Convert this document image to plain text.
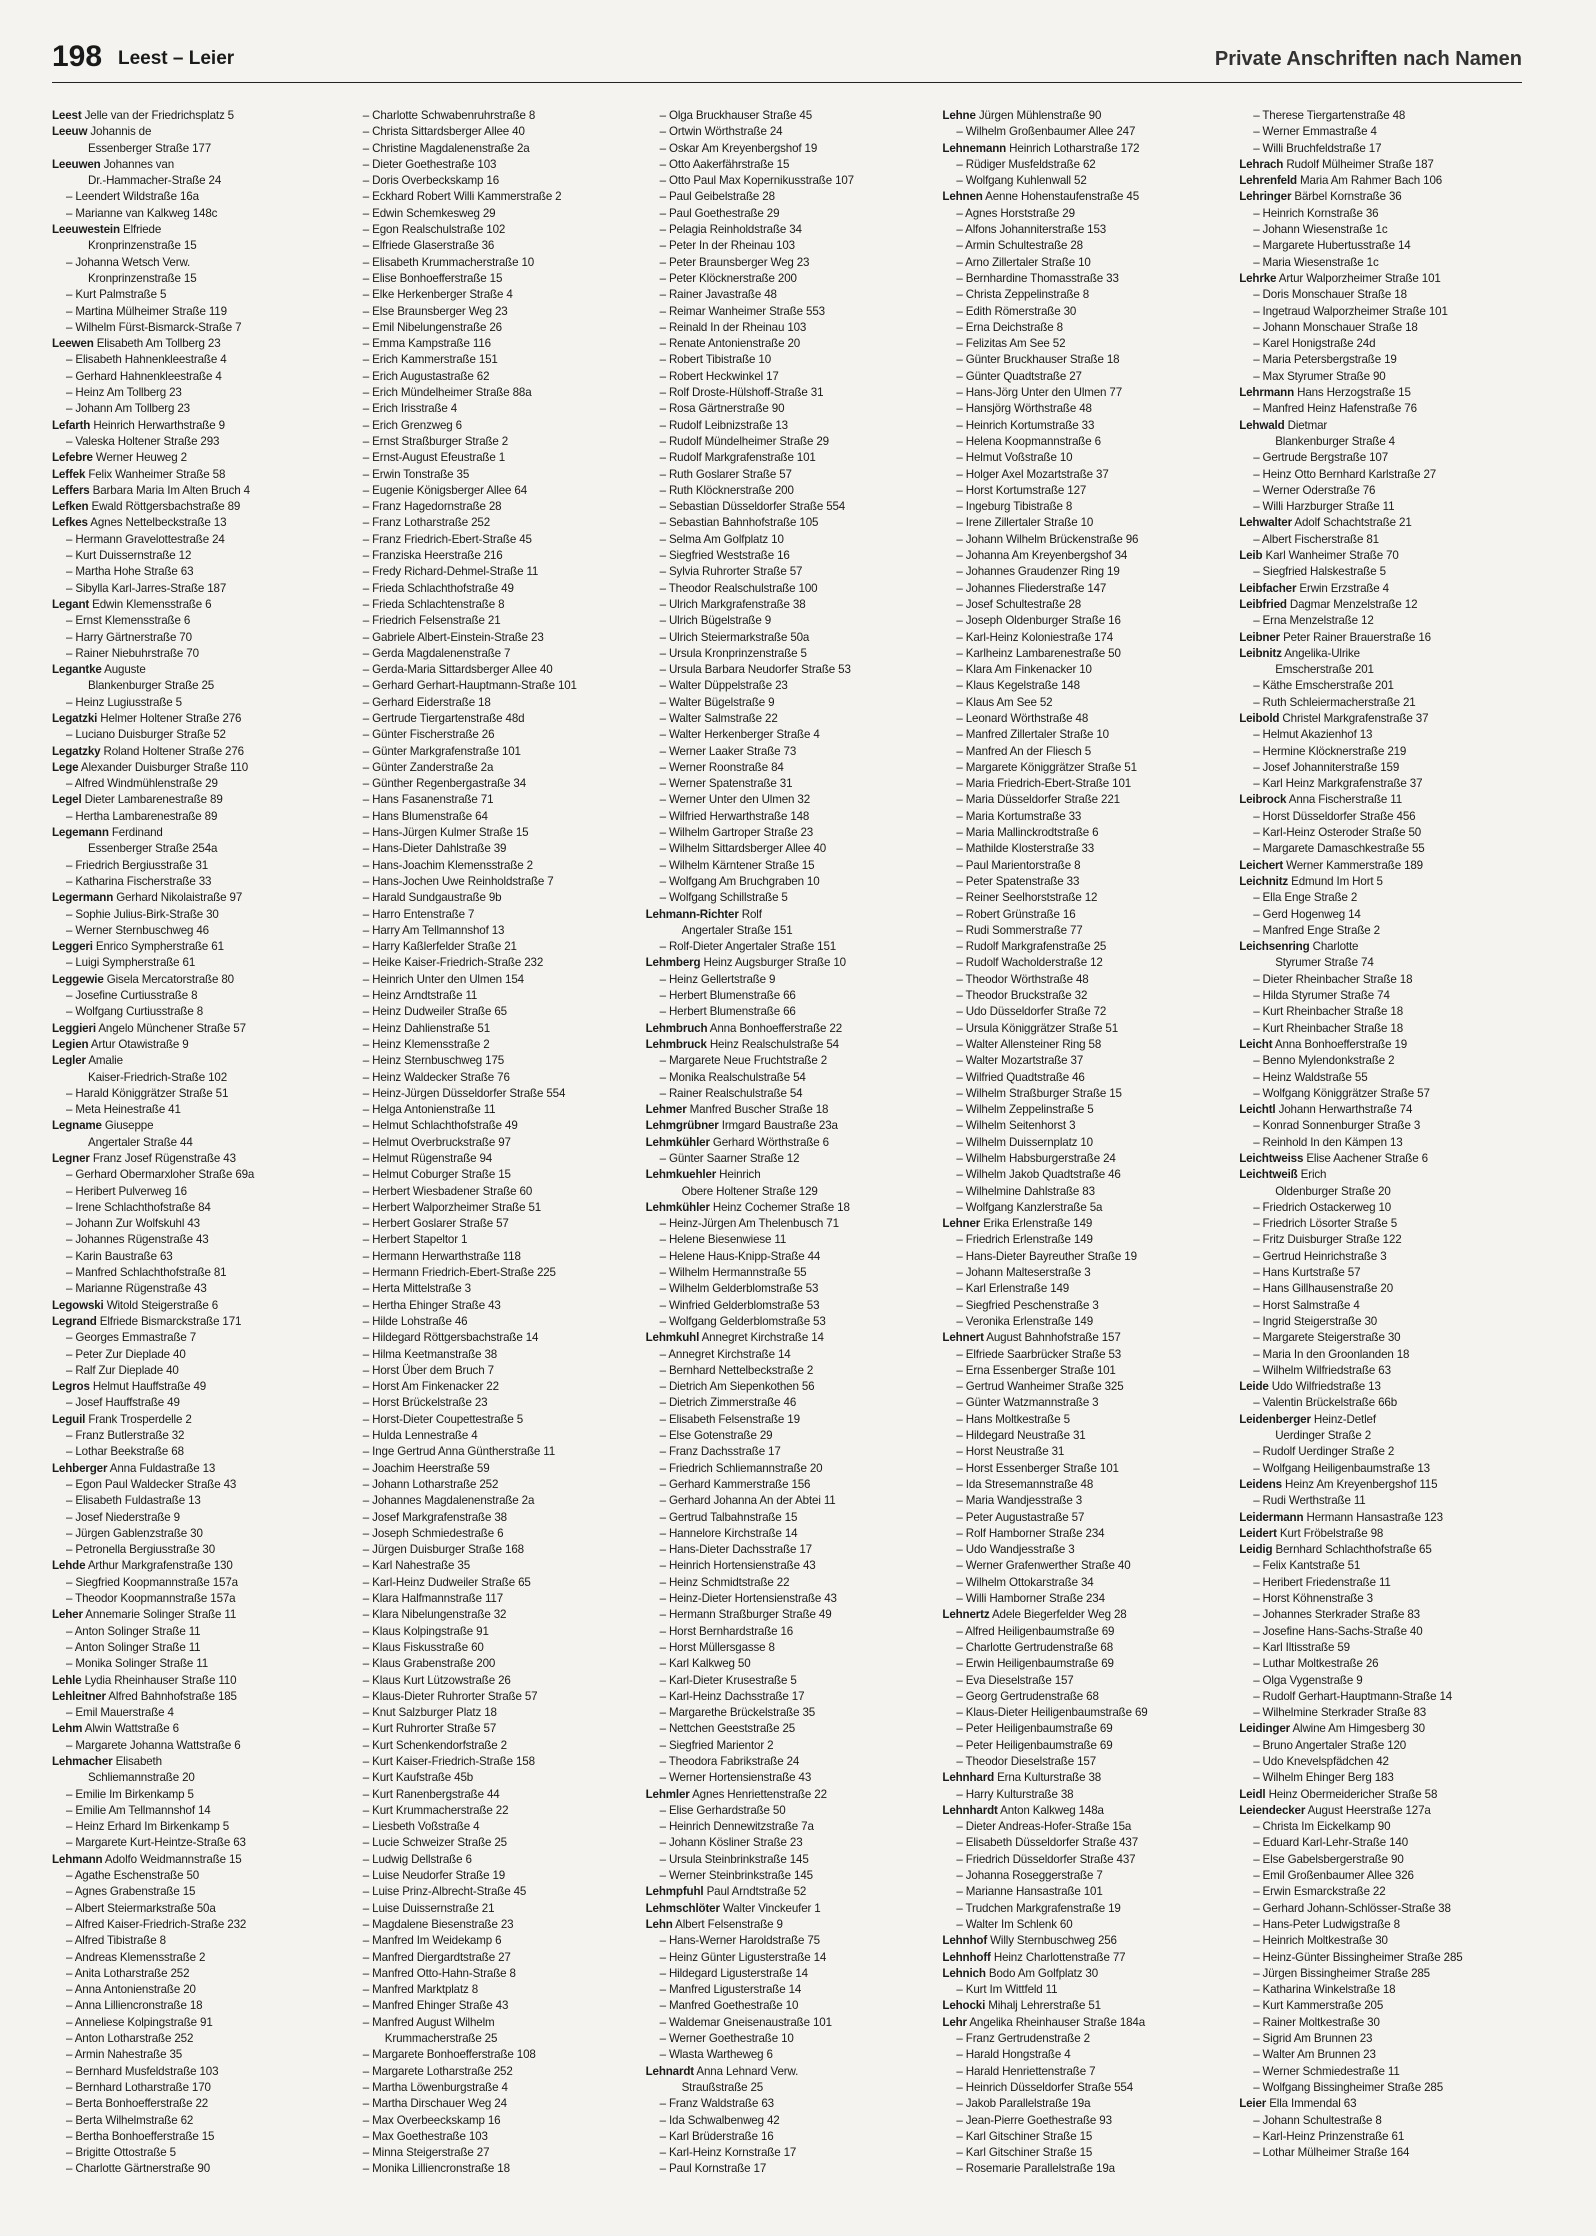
198 Leest – Leier	Private Anschriften nach Namen
Leest Jelle van der Friedrichsplatz 5
Leeuw Johannis de
Essenberger Straße 177
Leeuwen Johannes van
Dr.-Hammacher-Straße 24
– Leendert Wildstraße 16a
– Marianne van Kalkweg 148c
Leeuwestein Elfriede
Kronprinzenstraße 15
– Johanna Wetsch Verw.
Kronprinzenstraße 15
– Kurt Palmstraße 5
– Martina Mülheimer Straße 119
– Wilhelm Fürst-Bismarck-Straße 7
Leewen Elisabeth Am Tollberg 23
– Elisabeth Hahnenkleestraße 4
– Gerhard Hahnenkleestraße 4
– Heinz Am Tollberg 23
– Johann Am Tollberg 23
Lefarth Heinrich Herwarthstraße 9
– Valeska Holtener Straße 293
Lefebre Werner Heuweg 2
Leffek Felix Wanheimer Straße 58
Leffers Barbara Maria Im Alten Bruch 4
Lefken Ewald Röttgersbachstraße 89
Lefkes Agnes Nettelbeckstraße 13
– Hermann Gravelottestraße 24
– Kurt Duissernstraße 12
– Martha Hohe Straße 63
– Sibylla Karl-Jarres-Straße 187
Legant Edwin Klemensstraße 6
– Ernst Klemensstraße 6
– Harry Gärtnerstraße 70
– Rainer Niebuhrstraße 70
Legantke Auguste
Blankenburger Straße 25
– Heinz Lugiusstraße 5
Legatzki Helmer Holtener Straße 276
– Luciano Duisburger Straße 52
Legatzky Roland Holtener Straße 276
Lege Alexander Duisburger Straße 110
– Alfred Windmühlenstraße 29
Legel Dieter Lambarenestraße 89
– Hertha Lambarenestraße 89
Legemann Ferdinand
Essenberger Straße 254a
– Friedrich Bergiusstraße 31
– Katharina Fischerstraße 33
Legermann Gerhard Nikolaistraße 97
– Sophie Julius-Birk-Straße 30
– Werner Sternbuschweg 46
Leggeri Enrico Sympherstraße 61
– Luigi Sympherstraße 61
Leggewie Gisela Mercatorstraße 80
– Josefine Curtiusstraße 8
– Wolfgang Curtiusstraße 8
Leggieri Angelo Münchener Straße 57
Legien Artur Otawistraße 9
Legler Amalie
Kaiser-Friedrich-Straße 102
– Harald Königgrätzer Straße 51
– Meta Heinestraße 41
Legname Giuseppe
Angertaler Straße 44
Legner Franz Josef Rügenstraße 43
– Gerhard Obermarxloher Straße 69a
– Heribert Pulverweg 16
– Irene Schlachthofstraße 84
– Johann Zur Wolfskuhl 43
– Johannes Rügenstraße 43
– Karin Baustraße 63
– Manfred Schlachthofstraße 81
– Marianne Rügenstraße 43
Legowski Witold Steigerstraße 6
Legrand Elfriede Bismarckstraße 171
– Georges Emmastraße 7
– Peter Zur Dieplade 40
– Ralf Zur Dieplade 40
Legros Helmut Hauffstraße 49
– Josef Hauffstraße 49
Leguil Frank Trosperdelle 2
– Franz Butlerstraße 32
– Lothar Beekstraße 68
Lehberger Anna Fuldastraße 13
– Egon Paul Waldecker Straße 43
– Elisabeth Fuldastraße 13
– Josef Niederstraße 9
– Jürgen Gablenzstraße 30
– Petronella Bergiusstraße 30
Lehde Arthur Markgrafenstraße 130
– Siegfried Koopmannstraße 157a
– Theodor Koopmannstraße 157a
Leher Annemarie Solinger Straße 11
– Anton Solinger Straße 11
– Anton Solinger Straße 11
– Monika Solinger Straße 11
Lehle Lydia Rheinhauser Straße 110
Lehleitner Alfred Bahnhofstraße 185
– Emil Mauerstraße 4
Lehm Alwin Wattstraße 6
– Margarete Johanna Wattstraße 6
Lehmacher Elisabeth
Schliemannstraße 20
– Emilie Im Birkenkamp 5
– Emilie Am Tellmannshof 14
– Heinz Erhard Im Birkenkamp 5
– Margarete Kurt-Heintze-Straße 63
Lehmann Adolfo Weidmannstraße 15
– Agathe Eschenstraße 50
– Agnes Grabenstraße 15
– Albert Steiermarkstraße 50a
– Alfred Kaiser-Friedrich-Straße 232
– Alfred Tibistraße 8
– Andreas Klemensstraße 2
– Anita Lotharstraße 252
– Anna Antonienstraße 20
– Anna Lilliencronstraße 18
– Anneliese Kolpingstraße 91
– Anton Lotharstraße 252
– Armin Nahestraße 35
– Bernhard Musfeldstraße 103
– Bernhard Lotharstraße 170
– Berta Bonhoefferstraße 22
– Berta Wilhelmstraße 62
– Bertha Bonhoefferstraße 15
– Brigitte Ottostraße 5
– Charlotte Gärtnerstraße 90
– Charlotte Schwabenruhrstraße 8
– Christa Sittardsberger Allee 40
– Christine Magdalenenstraße 2a
– Dieter Goethestraße 103
– Doris Overbeckskamp 16
– Eckhard Robert Willi Kammerstraße 2
– Edwin Schemkesweg 29
– Egon Realschulstraße 102
– Elfriede Glaserstraße 36
– Elisabeth Krummacherstraße 10
– Elise Bonhoefferstraße 15
– Elke Herkenberger Straße 4
– Else Braunsberger Weg 23
– Emil Nibelungenstraße 26
– Emma Kampstraße 116
– Erich Kammerstraße 151
– Erich Augustastraße 62
– Erich Mündelheimer Straße 88a
– Erich Irisstraße 4
– Erich Grenzweg 6
– Ernst Straßburger Straße 2
– Ernst-August Efeustraße 1
– Erwin Tonstraße 35
– Eugenie Königsberger Allee 64
– Franz Hagedornstraße 28
– Franz Lotharstraße 252
– Franz Friedrich-Ebert-Straße 45
– Franziska Heerstraße 216
– Fredy Richard-Dehmel-Straße 11
– Frieda Schlachthofstraße 49
– Frieda Schlachtenstraße 8
– Friedrich Felsenstraße 21
– Gabriele Albert-Einstein-Straße 23
– Gerda Magdalenenstraße 7
– Gerda-Maria Sittardsberger Allee 40
– Gerhard Gerhart-Hauptmann-Straße 101
– Gerhard Eiderstraße 18
– Gertrude Tiergartenstraße 48d
– Günter Fischerstraße 26
– Günter Markgrafenstraße 101
– Günter Zanderstraße 2a
– Günther Regenbergastraße 34
– Hans Fasanenstraße 71
– Hans Blumenstraße 64
– Hans-Jürgen Kulmer Straße 15
– Hans-Dieter Dahlstraße 39
– Hans-Joachim Klemensstraße 2
– Hans-Jochen Uwe Reinholdstraße 7
– Harald Sundgaustraße 9b
– Harro Entenstraße 7
– Harry Am Tellmannshof 13
– Harry Kaßlerfelder Straße 21
– Heike Kaiser-Friedrich-Straße 232
– Heinrich Unter den Ulmen 154
– Heinz Arndtstraße 11
– Heinz Dudweiler Straße 65
– Heinz Dahlienstraße 51
– Heinz Klemensstraße 2
– Heinz Sternbuschweg 175
– Heinz Waldecker Straße 76
– Heinz-Jürgen Düsseldorfer Straße 554
– Helga Antonienstraße 11
– Helmut Schlachthofstraße 49
– Helmut Overbruckstraße 97
– Helmut Rügenstraße 94
– Helmut Coburger Straße 15
– Herbert Wiesbadener Straße 60
– Herbert Walporzheimer Straße 51
– Herbert Goslarer Straße 57
– Herbert Stapeltor 1
– Hermann Herwarthstraße 118
– Hermann Friedrich-Ebert-Straße 225
– Herta Mittelstraße 3
– Hertha Ehinger Straße 43
– Hilde Lohstraße 46
– Hildegard Röttgersbachstraße 14
– Hilma Keetmanstraße 38
– Horst Über dem Bruch 7
– Horst Am Finkenacker 22
– Horst Brückelstraße 23
– Horst-Dieter Coupettestraße 5
– Hulda Lennestraße 4
– Inge Gertrud Anna Güntherstraße 11
– Joachim Heerstraße 59
– Johann Lotharstraße 252
– Johannes Magdalenenstraße 2a
– Josef Markgrafenstraße 38
– Joseph Schmiedestraße 6
– Jürgen Duisburger Straße 168
– Karl Nahestraße 35
– Karl-Heinz Dudweiler Straße 65
– Klara Halfmannstraße 117
– Klara Nibelungenstraße 32
– Klaus Kolpingstraße 91
– Klaus Fiskusstraße 60
– Klaus Grabenstraße 200
– Klaus Kurt Lützowstraße 26
– Klaus-Dieter Ruhrorter Straße 57
– Knut Salzburger Platz 18
– Kurt Ruhrorter Straße 57
– Kurt Schenkendorfstraße 2
– Kurt Kaiser-Friedrich-Straße 158
– Kurt Kaufstraße 45b
– Kurt Ranenbergstraße 44
– Kurt Krummacherstraße 22
– Liesbeth Voßstraße 4
– Lucie Schweizer Straße 25
– Ludwig Dellstraße 6
– Luise Neudorfer Straße 19
– Luise Prinz-Albrecht-Straße 45
– Luise Duissernstraße 21
– Magdalene Biesenstraße 23
– Manfred Im Weidekamp 6
– Manfred Diergardtstraße 27
– Manfred Otto-Hahn-Straße 8
– Manfred Marktplatz 8
– Manfred Ehinger Straße 43
– Manfred August Wilhelm
Krummacherstraße 25
– Margarete Bonhoefferstraße 108
– Margarete Lotharstraße 252
– Martha Löwenburgstraße 4
– Martha Dirschauer Weg 24
– Max Overbeeckskamp 16
– Max Goethestraße 103
– Minna Steigerstraße 27
– Monika Lilliencronstraße 18
– Olga Bruckhauser Straße 45
– Ortwin Wörthstraße 24
– Oskar Am Kreyenbergshof 19
– Otto Aakerfährstraße 15
– Otto Paul Max Kopernikusstraße 107
– Paul Geibelstraße 28
– Paul Goethestraße 29
– Pelagia Reinholdstraße 34
– Peter In der Rheinau 103
– Peter Braunsberger Weg 23
– Peter Klöcknerstraße 200
– Rainer Javastraße 48
– Reimar Wanheimer Straße 553
– Reinald In der Rheinau 103
– Renate Antonienstraße 20
– Robert Tibistraße 10
– Robert Heckwinkel 17
– Rolf Droste-Hülshoff-Straße 31
– Rosa Gärtnerstraße 90
– Rudolf Leibnizstraße 13
– Rudolf Mündelheimer Straße 29
– Rudolf Markgrafenstraße 101
– Ruth Goslarer Straße 57
– Ruth Klöcknerstraße 200
– Sebastian Düsseldorfer Straße 554
– Sebastian Bahnhofstraße 105
– Selma Am Golfplatz 10
– Siegfried Weststraße 16
– Sylvia Ruhrorter Straße 57
– Theodor Realschulstraße 100
– Ulrich Markgrafenstraße 38
– Ulrich Bügelstraße 9
– Ulrich Steiermarkstraße 50a
– Ursula Kronprinzenstraße 5
– Ursula Barbara Neudorfer Straße 53
– Walter Düppelstraße 23
– Walter Bügelstraße 9
– Walter Salmstraße 22
– Walter Herkenberger Straße 4
– Werner Laaker Straße 73
– Werner Roonstraße 84
– Werner Spatenstraße 31
– Werner Unter den Ulmen 32
– Wilfried Herwarthstraße 148
– Wilhelm Gartroper Straße 23
– Wilhelm Sittardsberger Allee 40
– Wilhelm Kärntener Straße 15
– Wolfgang Am Bruchgraben 10
– Wolfgang Schillstraße 5
Lehmann-Richter Rolf
Angertaler Straße 151
– Rolf-Dieter Angertaler Straße 151
Lehmberg Heinz Augsburger Straße 10
– Heinz Gellertstraße 9
– Herbert Blumenstraße 66
– Herbert Blumenstraße 66
Lehmbruch Anna Bonhoefferstraße 22
Lehmbruck Heinz Realschulstraße 54
– Margarete Neue Fruchtstraße 2
– Monika Realschulstraße 54
– Rainer Realschulstraße 54
Lehmer Manfred Buscher Straße 18
Lehmgrübner Irmgard Baustraße 23a
Lehmkühler Gerhard Wörthstraße 6
– Günter Saarner Straße 12
Lehmkuehler Heinrich
Obere Holtener Straße 129
Lehmkühler Heinz Cochemer Straße 18
– Heinz-Jürgen Am Thelenbusch 71
– Helene Biesenwiese 11
– Helene Haus-Knipp-Straße 44
– Wilhelm Hermannstraße 55
– Wilhelm Gelderblomstraße 53
– Winfried Gelderblomstraße 53
– Wolfgang Gelderblomstraße 53
Lehmkuhl Annegret Kirchstraße 14
– Annegret Kirchstraße 14
– Bernhard Nettelbeckstraße 2
– Dietrich Am Siepenkothen 56
– Dietrich Zimmerstraße 46
– Elisabeth Felsenstraße 19
– Else Gotenstraße 29
– Franz Dachsstraße 17
– Friedrich Schliemannstraße 20
– Gerhard Kammerstraße 156
– Gerhard Johanna An der Abtei 11
– Gertrud Talbahnstraße 15
– Hannelore Kirchstraße 14
– Hans-Dieter Dachsstraße 17
– Heinrich Hortensienstraße 43
– Heinz Schmidtstraße 22
– Heinz-Dieter Hortensienstraße 43
– Hermann Straßburger Straße 49
– Horst Bernhardstraße 16
– Horst Müllersgasse 8
– Karl Kalkweg 50
– Karl-Dieter Krusestraße 5
– Karl-Heinz Dachsstraße 17
– Margarethe Brückelstraße 35
– Nettchen Geeststraße 25
– Siegfried Marientor 2
– Theodora Fabrikstraße 24
– Werner Hortensienstraße 43
Lehmler Agnes Henriettenstraße 22
– Elise Gerhardstraße 50
– Heinrich Dennewitzstraße 7a
– Johann Kösliner Straße 23
– Ursula Steinbrinkstraße 145
– Werner Steinbrinkstraße 145
Lehmpfuhl Paul Arndtstraße 52
Lehmschlöter Walter Vinckeufer 1
Lehn Albert Felsenstraße 9
– Hans-Werner Haroldstraße 75
– Heinz Günter Ligusterstraße 14
– Hildegard Ligusterstraße 14
– Manfred Ligusterstraße 14
– Manfred Goethestraße 10
– Waldemar Gneisenaustraße 101
– Werner Goethestraße 10
– Wlasta Wartheweg 6
Lehnardt Anna Lehnard Verw.
Straußstraße 25
– Franz Waldstraße 63
– Ida Schwalbenweg 42
– Karl Brüderstraße 16
– Karl-Heinz Kornstraße 17
– Paul Kornstraße 17
Lehne Jürgen Mühlenstraße 90
– Wilhelm Großenbaumer Allee 247
Lehnemann Heinrich Lotharstraße 172
– Rüdiger Musfeldstraße 62
– Wolfgang Kuhlenwall 52
Lehnen Aenne Hohenstaufenstraße 45
– Agnes Horststraße 29
– Alfons Johanniterstraße 153
– Armin Schultestraße 28
– Arno Zillertaler Straße 10
– Bernhardine Thomasstraße 33
– Christa Zeppelinstraße 8
– Edith Römerstraße 30
– Erna Deichstraße 8
– Felizitas Am See 52
– Günter Bruckhauser Straße 18
– Günter Quadtstraße 27
– Hans-Jörg Unter den Ulmen 77
– Hansjörg Wörthstraße 48
– Heinrich Kortumstraße 33
– Helena Koopmannstraße 6
– Helmut Voßstraße 10
– Holger Axel Mozartstraße 37
– Horst Kortumstraße 127
– Ingeburg Tibistraße 8
– Irene Zillertaler Straße 10
– Johann Wilhelm Brückenstraße 96
– Johanna Am Kreyenbergshof 34
– Johannes Graudenzer Ring 19
– Johannes Fliederstraße 147
– Josef Schultestraße 28
– Joseph Oldenburger Straße 16
– Karl-Heinz Koloniestraße 174
– Karlheinz Lambarenestraße 50
– Klara Am Finkenacker 10
– Klaus Kegelstraße 148
– Klaus Am See 52
– Leonard Wörthstraße 48
– Manfred Zillertaler Straße 10
– Manfred An der Fliesch 5
– Margarete Königgrätzer Straße 51
– Maria Friedrich-Ebert-Straße 101
– Maria Düsseldorfer Straße 221
– Maria Kortumstraße 33
– Maria Mallinckrodtstraße 6
– Mathilde Klosterstraße 33
– Paul Marientorstraße 8
– Peter Spatenstraße 33
– Reiner Seelhorststraße 12
– Robert Grünstraße 16
– Rudi Sommerstraße 77
– Rudolf Markgrafenstraße 25
– Rudolf Wacholderstraße 12
– Theodor Wörthstraße 48
– Theodor Bruckstraße 32
– Udo Düsseldorfer Straße 72
– Ursula Königgrätzer Straße 51
– Walter Allensteiner Ring 58
– Walter Mozartstraße 37
– Wilfried Quadtstraße 46
– Wilhelm Straßburger Straße 15
– Wilhelm Zeppelinstraße 5
– Wilhelm Seitenhorst 3
– Wilhelm Duissernplatz 10
– Wilhelm Habsburgerstraße 24
– Wilhelm Jakob Quadtstraße 46
– Wilhelmine Dahlstraße 83
– Wolfgang Kanzlerstraße 5a
Lehner Erika Erlenstraße 149
– Friedrich Erlenstraße 149
– Hans-Dieter Bayreuther Straße 19
– Johann Malteserstraße 3
– Karl Erlenstraße 149
– Siegfried Peschenstraße 3
– Veronika Erlenstraße 149
Lehnert August Bahnhofstraße 157
– Elfriede Saarbrücker Straße 53
– Erna Essenberger Straße 101
– Gertrud Wanheimer Straße 325
– Günter Watzmannstraße 3
– Hans Moltkestraße 5
– Hildegard Neustraße 31
– Horst Neustraße 31
– Horst Essenberger Straße 101
– Ida Stresemannstraße 48
– Maria Wandjesstraße 3
– Peter Augustastraße 57
– Rolf Hamborner Straße 234
– Udo Wandjesstraße 3
– Werner Grafenwerther Straße 40
– Wilhelm Ottokarstraße 34
– Willi Hamborner Straße 234
Lehnertz Adele Biegerfelder Weg 28
– Alfred Heiligenbaumstraße 69
– Charlotte Gertrudenstraße 68
– Erwin Heiligenbaumstraße 69
– Eva Dieselstraße 157
– Georg Gertrudenstraße 68
– Klaus-Dieter Heiligenbaumstraße 69
– Peter Heiligenbaumstraße 69
– Peter Heiligenbaumstraße 69
– Theodor Dieselstraße 157
Lehnhard Erna Kulturstraße 38
– Harry Kulturstraße 38
Lehnhardt Anton Kalkweg 148a
– Dieter Andreas-Hofer-Straße 15a
– Elisabeth Düsseldorfer Straße 437
– Friedrich Düsseldorfer Straße 437
– Johanna Roseggerstraße 7
– Marianne Hansastraße 101
– Trudchen Markgrafenstraße 19
– Walter Im Schlenk 60
Lehnhof Willy Sternbuschweg 256
Lehnhoff Heinz Charlottenstraße 77
Lehnich Bodo Am Golfplatz 30
– Kurt Im Wittfeld 11
Lehocki Mihalj Lehrerstraße 51
Lehr Angelika Rheinhauser Straße 184a
– Franz Gertrudenstraße 2
– Harald Hongstraße 4
– Harald Henriettenstraße 7
– Heinrich Düsseldorfer Straße 554
– Jakob Parallelstraße 19a
– Jean-Pierre Goethestraße 93
– Karl Gitschiner Straße 15
– Karl Gitschiner Straße 15
– Rosemarie Parallelstraße 19a
– Therese Tiergartenstraße 48
– Werner Emmastraße 4
– Willi Bruchfeldstraße 17
Lehrach Rudolf Mülheimer Straße 187
Lehrenfeld Maria Am Rahmer Bach 106
Lehringer Bärbel Kornstraße 36
– Heinrich Kornstraße 36
– Johann Wiesenstraße 1c
– Margarete Hubertusstraße 14
– Maria Wiesenstraße 1c
Lehrke Artur Walporzheimer Straße 101
– Doris Monschauer Straße 18
– Ingetraud Walporzheimer Straße 101
– Johann Monschauer Straße 18
– Karel Honigstraße 24d
– Maria Petersbergstraße 19
– Max Styrumer Straße 90
Lehrmann Hans Herzogstraße 15
– Manfred Heinz Hafenstraße 76
Lehwald Dietmar
Blankenburger Straße 4
– Gertrude Bergstraße 107
– Heinz Otto Bernhard Karlstraße 27
– Werner Oderstraße 76
– Willi Harzburger Straße 11
Lehwalter Adolf Schachtstraße 21
– Albert Fischerstraße 81
Leib Karl Wanheimer Straße 70
– Siegfried Halskestraße 5
Leibfacher Erwin Erzstraße 4
Leibfried Dagmar Menzelstraße 12
– Erna Menzelstraße 12
Leibner Peter Rainer Brauerstraße 16
Leibnitz Angelika-Ulrike
Emscherstraße 201
– Käthe Emscherstraße 201
– Ruth Schleiermacherstraße 21
Leibold Christel Markgrafenstraße 37
– Helmut Akazienhof 13
– Hermine Klöcknerstraße 219
– Josef Johanniterstraße 159
– Karl Heinz Markgrafenstraße 37
Leibrock Anna Fischerstraße 11
– Horst Düsseldorfer Straße 456
– Karl-Heinz Osteroder Straße 50
– Margarete Damaschkestraße 55
Leichert Werner Kammerstraße 189
Leichnitz Edmund Im Hort 5
– Ella Enge Straße 2
– Gerd Hogenweg 14
– Manfred Enge Straße 2
Leichsenring Charlotte
Styrumer Straße 74
– Dieter Rheinbacher Straße 18
– Hilda Styrumer Straße 74
– Kurt Rheinbacher Straße 18
– Kurt Rheinbacher Straße 18
Leicht Anna Bonhoefferstraße 19
– Benno Mylendonkstraße 2
– Heinz Waldstraße 55
– Wolfgang Königgrätzer Straße 57
Leichtl Johann Herwarthstraße 74
– Konrad Sonnenburger Straße 3
– Reinhold In den Kämpen 13
Leichtweiss Elise Aachener Straße 6
Leichtweiß Erich
Oldenburger Straße 20
– Friedrich Ostackerweg 10
– Friedrich Lösorter Straße 5
– Fritz Duisburger Straße 122
– Gertrud Heinrichstraße 3
– Hans Kurtstraße 57
– Hans Gillhausenstraße 20
– Horst Salmstraße 4
– Ingrid Steigerstraße 30
– Margarete Steigerstraße 30
– Maria In den Groonlanden 18
– Wilhelm Wilfriedstraße 63
Leide Udo Wilfriedstraße 13
– Valentin Brückelstraße 66b
Leidenberger Heinz-Detlef
Uerdinger Straße 2
– Rudolf Uerdinger Straße 2
– Wolfgang Heiligenbaumstraße 13
Leidens Heinz Am Kreyenbergshof 115
– Rudi Werthstraße 11
Leidermann Hermann Hansastraße 123
Leidert Kurt Fröbelstraße 98
Leidig Bernhard Schlachthofstraße 65
– Felix Kantstraße 51
– Heribert Friedenstraße 11
– Horst Köhnenstraße 3
– Johannes Sterkrader Straße 83
– Josefine Hans-Sachs-Straße 40
– Karl Iltisstraße 59
– Luthar Moltkestraße 26
– Olga Vygenstraße 9
– Rudolf Gerhart-Hauptmann-Straße 14
– Wilhelmine Sterkrader Straße 83
Leidinger Alwine Am Himgesberg 30
– Bruno Angertaler Straße 120
– Udo Knevelspfädchen 42
– Wilhelm Ehinger Berg 183
Leidl Heinz Obermeidericher Straße 58
Leiendecker August Heerstraße 127a
– Christa Im Eickelkamp 90
– Eduard Karl-Lehr-Straße 140
– Else Gabelsbergerstraße 90
– Emil Großenbaumer Allee 326
– Erwin Esmarckstraße 22
– Gerhard Johann-Schlösser-Straße 38
– Hans-Peter Ludwigstraße 8
– Heinrich Moltkestraße 30
– Heinz-Günter Bissingheimer Straße 285
– Jürgen Bissingheimer Straße 285
– Katharina Winkelstraße 18
– Kurt Kammerstraße 205
– Rainer Moltkestraße 30
– Sigrid Am Brunnen 23
– Walter Am Brunnen 23
– Werner Schmiedestraße 11
– Wolfgang Bissingheimer Straße 285
Leier Ella Immendal 63
– Johann Schultestraße 8
– Karl-Heinz Prinzenstraße 61
– Lothar Mülheimer Straße 164
